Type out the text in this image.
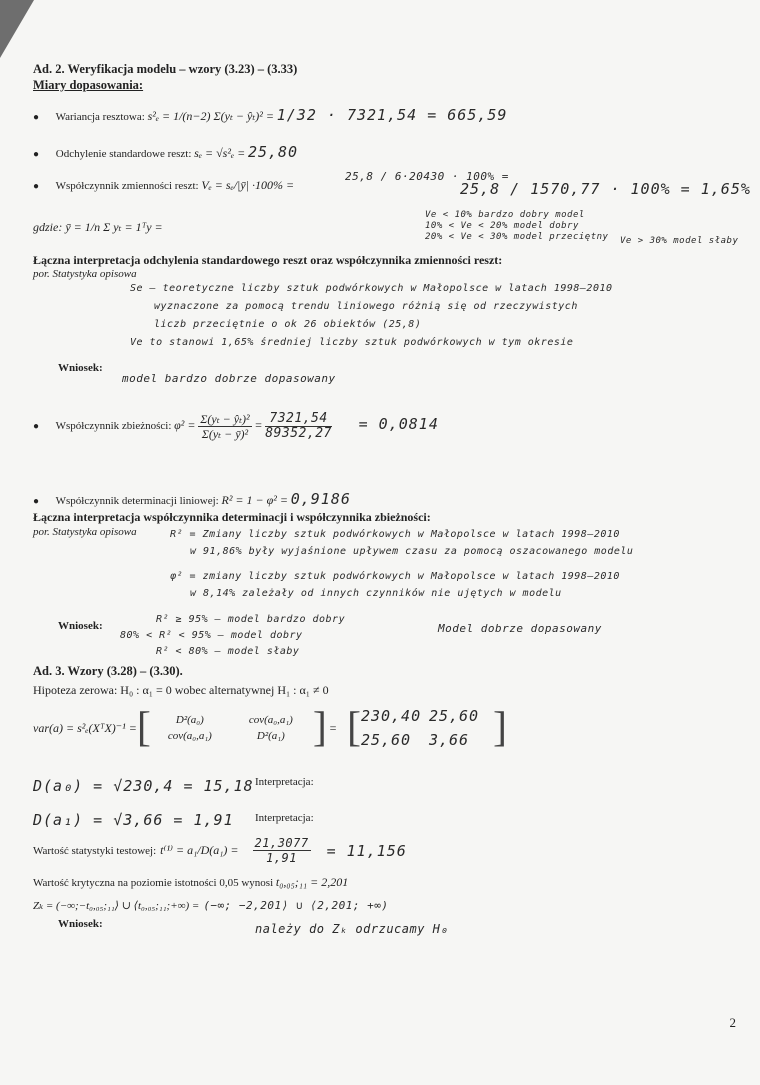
Ad. 2. Weryfikacja modelu – wzory (3.23) – (3.33)
Miary dopasowania:
● Wariancja resztowa: s²ₑ = 1/(n−2) Σ(yₜ − ŷₜ)² = 1/32 · 7321,54 = 665,59
● Odchylenie standardowe reszt: sₑ = √s²ₑ = 25,80
● Współczynnik zmienności reszt: Vₑ = sₑ/|ȳ| ·100% =
25,8 / 6·20430 · 100% =
25,8 / 1570,77 · 100% = 1,65%
gdzie: ȳ = 1/n Σ yₜ = 1ᵀy =
Ve < 10% bardzo dobry model
10% < Ve < 20% model dobry
20% < Ve < 30% model przeciętny Ve > 30% model słaby
Łączna interpretacja odchylenia standardowego reszt oraz współczynnika zmienności reszt:
por. Statystyka opisowa
Se – teoretyczne liczby sztuk podwórkowych w Małopolsce w latach 1998–2010
wyznaczone za pomocą trendu liniowego różnią się od rzeczywistych
liczb przeciętnie o ok 26 obiektów (25,8)
Ve to stanowi 1,65% średniej liczby sztuk podwórkowych w tym okresie
Wniosek:
model bardzo dobrze dopasowany
● Współczynnik zbieżności: $\varphi^2 = \frac{\text{Σ(yₜ − ŷₜ)²}}{\text{Σ(yₜ − ȳ)²}} = \frac{7321,54}{89352,27} = 0,0814$
● Współczynnik determinacji liniowej: R² = 1 − φ² = 0,9186
Łączna interpretacja współczynnika determinacji i współczynnika zbieżności:
por. Statystyka opisowa	R² = Zmiany liczby sztuk podwórkowych w Małopolsce w latach 1998–2010
w 91,86% były wyjaśnione upływem czasu za pomocą oszacowanego modelu
φ² = zmiany liczby sztuk podwórkowych w Małopolsce w latach 1998–2010
w 8,14% zależały od innych czynników nie ujętych w modelu
Wniosek:
R² ≥ 95% – model bardzo dobry
80% < R² < 95% – model dobry
R² < 80% – model słaby
Model dobrze dopasowany
Ad. 3. Wzory (3.28) – (3.30).
Hipoteza zerowa: H₀ : α₁ = 0 wobec alternatywnej H₁ : α₁ ≠ 0
var(a) = s²ₑ(XᵀX)⁻¹ = [	D²(a₀)	cov(a₀,a₁)
cov(a₀,a₁)	D²(a₁) ] = [ 230,40 25,60
25,60	3,66 ]
D(a₀) = √230,4 = 15,18 Interpretacja:
D(a₁) = √3,66 = 1,91 Interpretacja:
Wartość statystyki testowej: $t^{(1)} = a_1/D(a_1) = \frac{21,3077}{1,91} = 11,156$
Wartość krytyczna na poziomie istotności 0,05 wynosi t₀,₀₅;₁₁ = 2,201
Zₖ = (−∞;−t₀,₀₅;₁₁⟩ ∪ ⟨t₀,₀₅;₁₁;+∞) = (−∞; −2,201⟩ ∪ ⟨2,201; +∞)
Wniosek:	należy do Zₖ odrzucamy H₀
2
